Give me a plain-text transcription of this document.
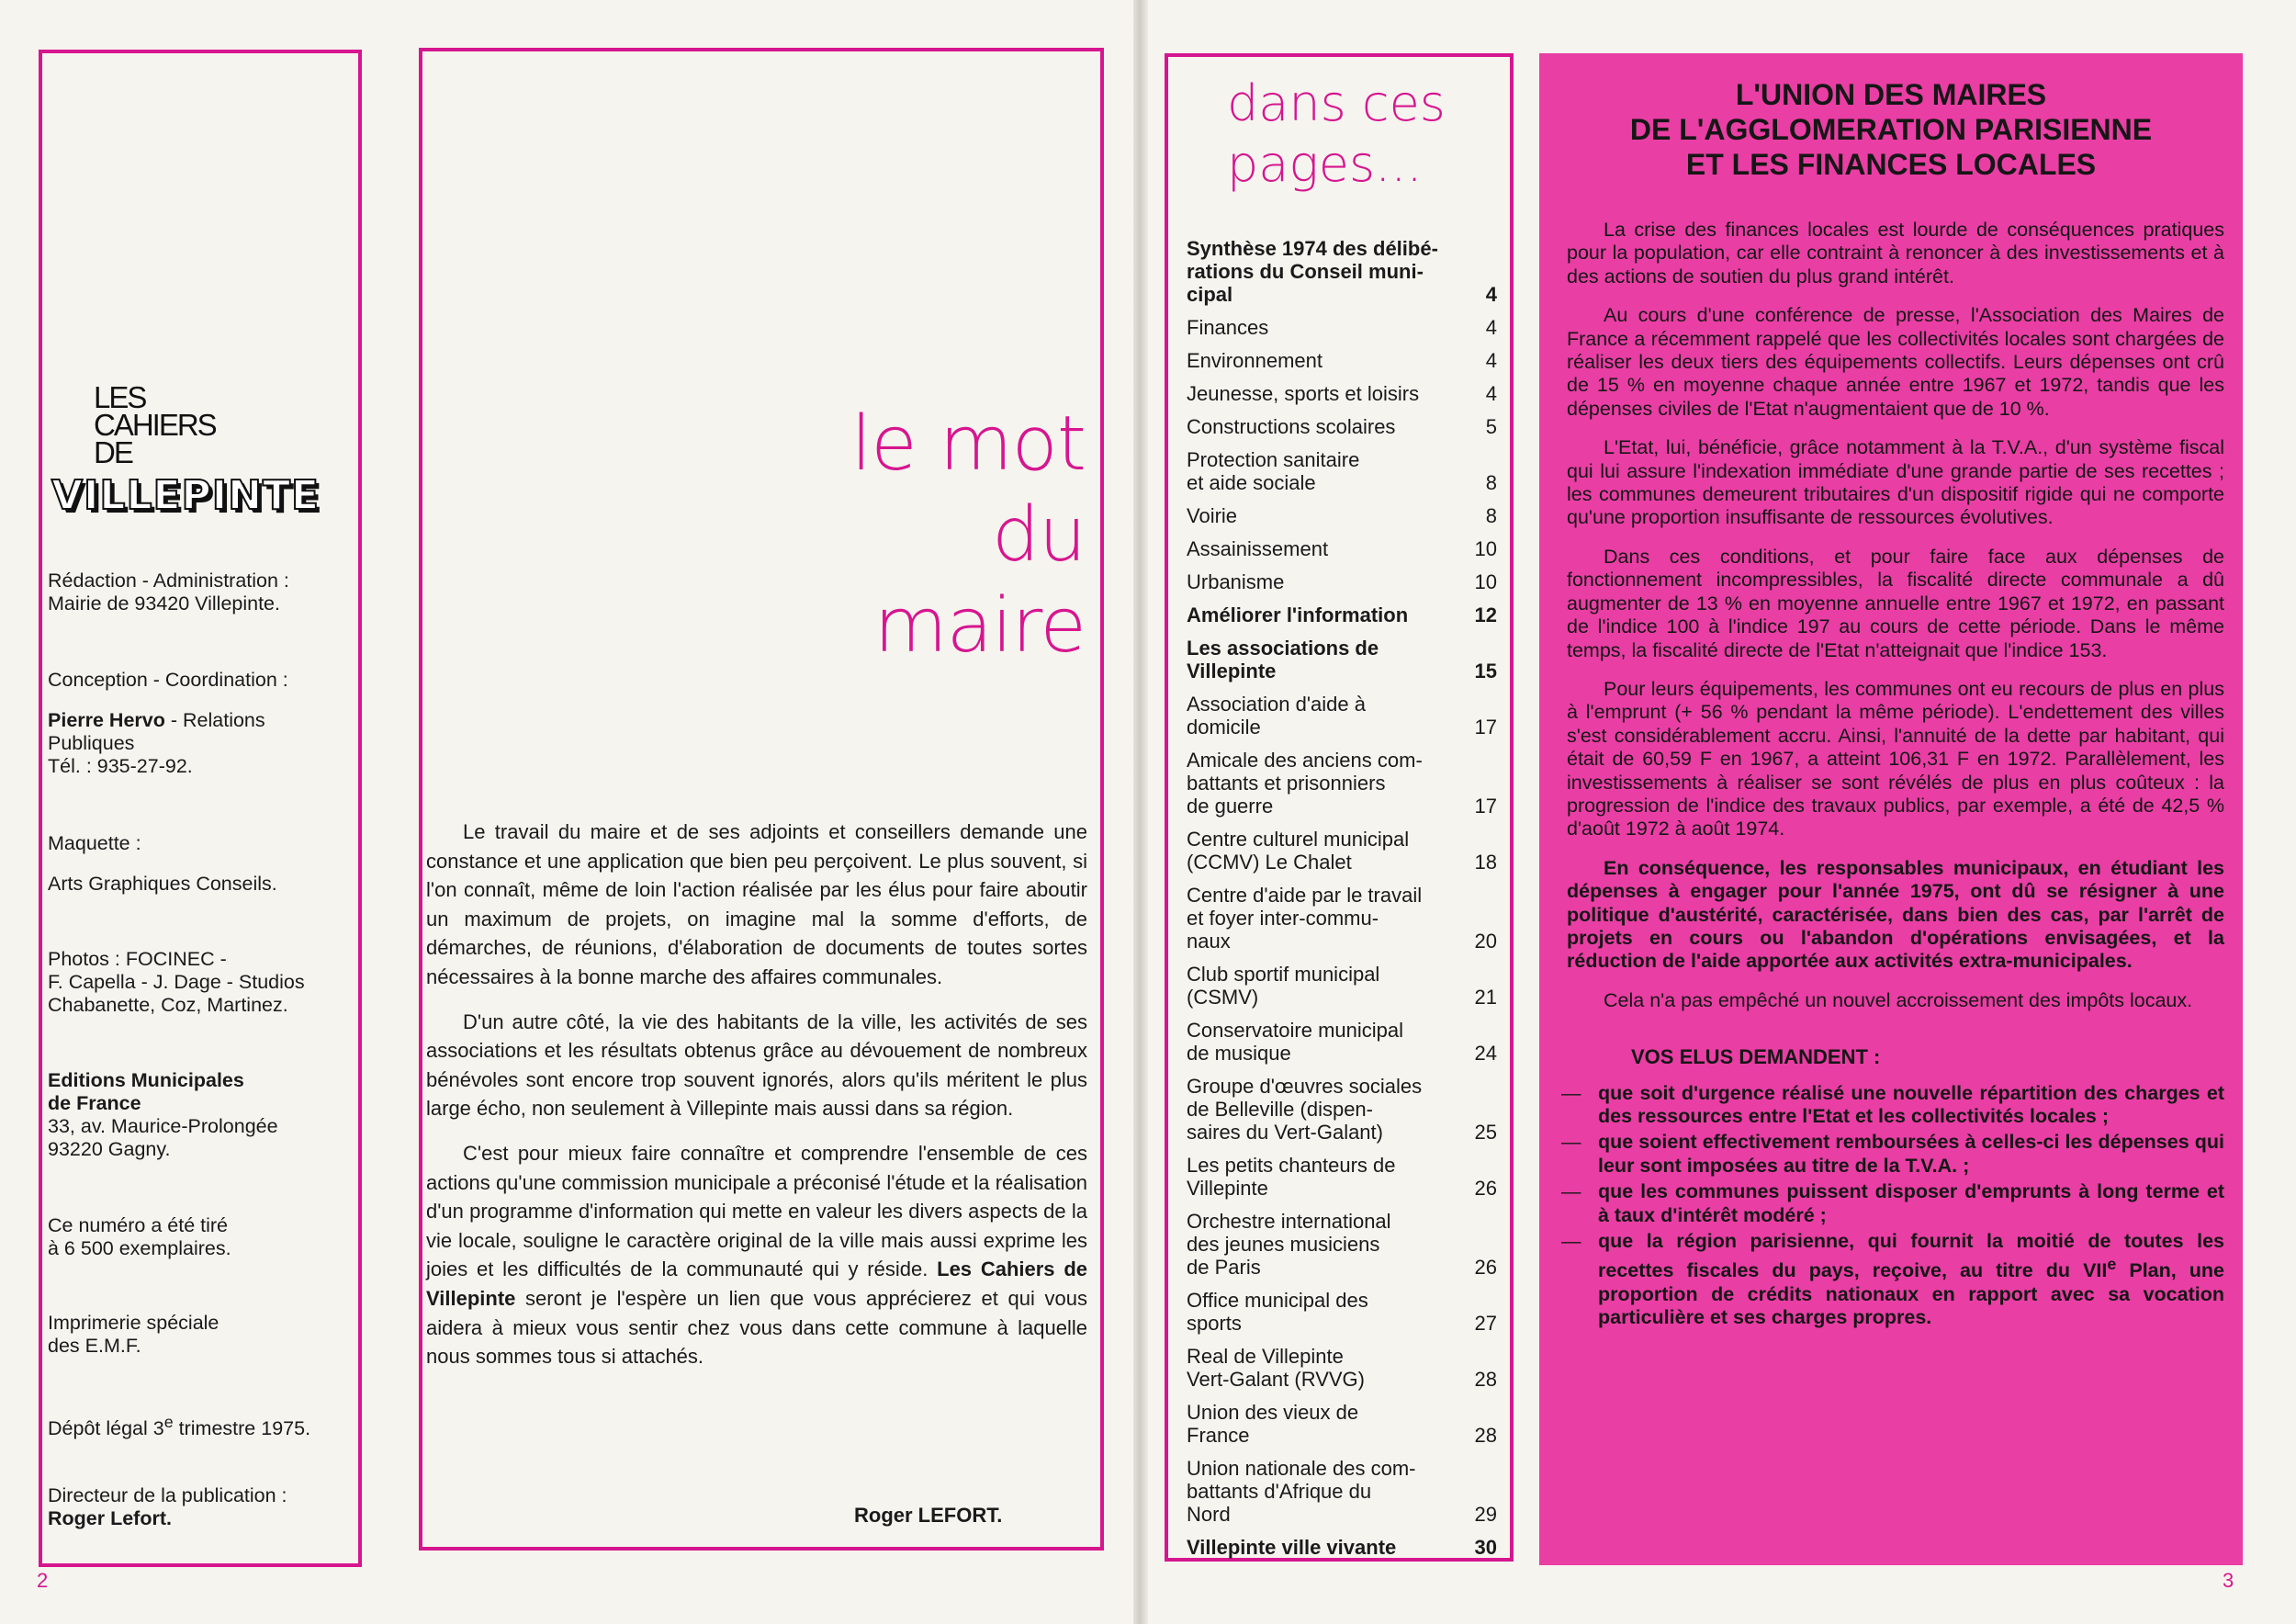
LES
CAHIERS
DE
VILLEPINTE

Rédaction - Administration :
Mairie de 93420 Villepinte.

Conception - Coordination :

Pierre Hervo - Relations
Publiques
Tél. : 935-27-92.

Maquette :

Arts Graphiques Conseils.

Photos : FOCINEC -
F. Capella - J. Dage - Studios
Chabanette, Coz, Martinez.

Editions Municipales
de France
33, av. Maurice-Prolongée
93220 Gagny.

Ce numéro a été tiré
à 6 500 exemplaires.

Imprimerie spéciale
des E.M.F.

Dépôt légal 3e trimestre 1975.

Directeur de la publication :
Roger Lefort.

2
le mot
du
maire

Le travail du maire et de ses adjoints et conseillers demande une constance et une application que bien peu perçoivent. Le plus souvent, si l'on connaît, même de loin l'action réalisée par les élus pour faire aboutir un maximum de projets, on imagine mal la somme d'efforts, de démarches, de réunions, d'élaboration de documents de toutes sortes nécessaires à la bonne marche des affaires communales.

D'un autre côté, la vie des habitants de la ville, les activités de ses associations et les résultats obtenus grâce au dévouement de nombreux bénévoles sont encore trop souvent ignorés, alors qu'ils méritent le plus large écho, non seulement à Villepinte mais aussi dans sa région.

C'est pour mieux faire connaître et comprendre l'ensemble de ces actions qu'une commission municipale a préconisé l'étude et la réalisation d'un programme d'information qui mette en valeur les divers aspects de la vie locale, souligne le caractère original de la ville mais aussi exprime les joies et les difficultés de la communauté qui y réside. Les Cahiers de Villepinte seront je l'espère un lien que vous apprécierez et qui vous aidera à mieux vous sentir chez vous dans cette commune à laquelle nous sommes tous si attachés.

Roger LEFORT.
dans ces
pages...
Synthèse 1974 des délibé-
rations du Conseil muni-
cipal	4
Finances	4
Environnement	4
Jeunesse, sports et loisirs	4
Constructions scolaires	5
Protection sanitaire
et aide sociale	8
Voirie	8
Assainissement	10
Urbanisme	10
Améliorer l'information	12
Les associations de
Villepinte	15
Association d'aide à
domicile	17
Amicale des anciens com-
battants et prisonniers
de guerre	17
Centre culturel municipal
(CCMV) Le Chalet	18
Centre d'aide par le travail
et foyer inter-commu-
naux	20
Club sportif municipal
(CSMV)	21
Conservatoire municipal
de musique	24
Groupe d'œuvres sociales
de Belleville (dispen-
saires du Vert-Galant)	25
Les petits chanteurs de
Villepinte	26
Orchestre international
des jeunes musiciens
de Paris	26
Office municipal des
sports	27
Real de Villepinte
Vert-Galant (RVVG)	28
Union des vieux de
France	28
Union nationale des com-
battants d'Afrique du
Nord	29
Villepinte ville vivante	30
L'UNION DES MAIRES
DE L'AGGLOMERATION PARISIENNE
ET LES FINANCES LOCALES

La crise des finances locales est lourde de conséquences pratiques pour la population, car elle contraint à renoncer à des investissements et à des actions de soutien du plus grand intérêt.

Au cours d'une conférence de presse, l'Association des Maires de France a récemment rappelé que les collectivités locales sont chargées de réaliser les deux tiers des équipements collectifs. Leurs dépenses ont crû de 15 % en moyenne chaque année entre 1967 et 1972, tandis que les dépenses civiles de l'Etat n'augmentaient que de 10 %.

L'Etat, lui, bénéficie, grâce notamment à la T.V.A., d'un système fiscal qui lui assure l'indexation immédiate d'une grande partie de ses recettes ; les communes demeurent tributaires d'un dispositif rigide qui ne comporte qu'une proportion insuffisante de ressources évolutives.

Dans ces conditions, et pour faire face aux dépenses de fonctionnement incompressibles, la fiscalité directe communale a dû augmenter de 13 % en moyenne annuelle entre 1967 et 1972, en passant de l'indice 100 à l'indice 197 au cours de cette période. Dans le même temps, la fiscalité directe de l'Etat n'atteignait que l'indice 153.

Pour leurs équipements, les communes ont eu recours de plus en plus à l'emprunt (+ 56 % pendant la même période). L'endettement des villes s'est considérablement accru. Ainsi, l'annuité de la dette par habitant, qui était de 60,59 F en 1967, a atteint 106,31 F en 1972. Parallèlement, les investissements à réaliser se sont révélés de plus en plus coûteux : la progression de l'indice des travaux publics, par exemple, a été de 42,5 % d'août 1972 à août 1974.

En conséquence, les responsables municipaux, en étudiant les dépenses à engager pour l'année 1975, ont dû se résigner à une politique d'austérité, caractérisée, dans bien des cas, par l'arrêt de projets en cours ou l'abandon d'opérations envisagées, et la réduction de l'aide apportée aux activités extra-municipales.

Cela n'a pas empêché un nouvel accroissement des impôts locaux.

VOS ELUS DEMANDENT :
— que soit d'urgence réalisé une nouvelle répartition des charges et des ressources entre l'Etat et les collectivités locales ;
— que soient effectivement remboursées à celles-ci les dépenses qui leur sont imposées au titre de la T.V.A. ;
— que les communes puissent disposer d'emprunts à long terme et à taux d'intérêt modéré ;
— que la région parisienne, qui fournit la moitié de toutes les recettes fiscales du pays, reçoive, au titre du VIIe Plan, une proportion de crédits nationaux en rapport avec sa vocation particulière et ses charges propres.
3
